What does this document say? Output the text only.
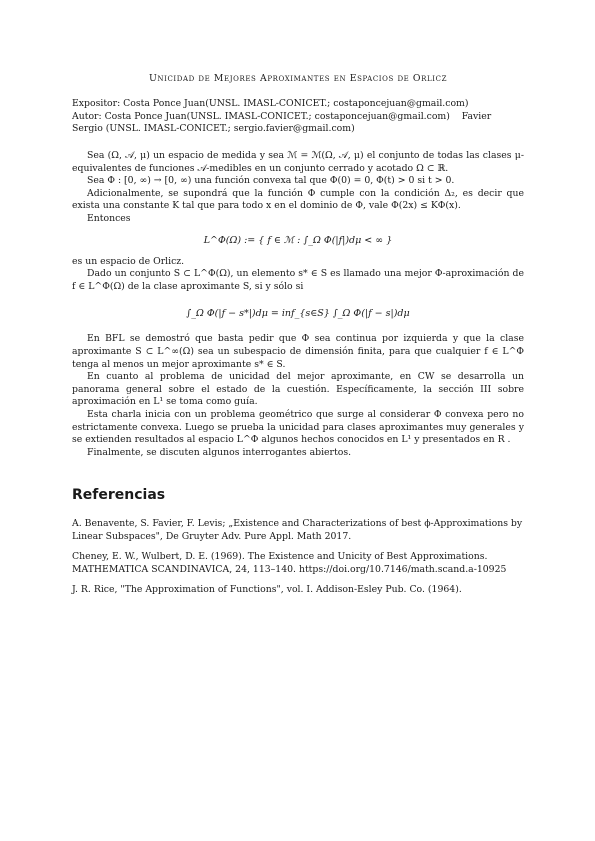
Unicidad de Mejores Aproximantes en Espacios de Orlicz
Expositor: Costa Ponce Juan(UNSL. IMASL-CONICET.; costaponcejuan@gmail.com)
Autor: Costa Ponce Juan(UNSL. IMASL-CONICET.; costaponcejuan@gmail.com)    Favier
Sergio (UNSL. IMASL-CONICET.; sergio.favier@gmail.com)

Sea (Ω, 𝒜, μ) un espacio de medida y sea ℳ = ℳ(Ω, 𝒜, μ) el conjunto de todas las clases μ-equivalentes de funciones 𝒜-medibles en un conjunto cerrado y acotado Ω ⊂ ℝ.

Sea Φ : [0, ∞) → [0, ∞) una función convexa tal que Φ(0) = 0, Φ(t) > 0 si t > 0.

Adicionalmente, se supondrá que la función Φ cumple con la condición Δ₂, es decir que exista una constante K tal que para todo x en el dominio de Φ, vale Φ(2x) ≤ KΦ(x).

Entonces

L^Φ(Ω) := { f ∈ ℳ : ∫_Ω Φ(|f|)dμ < ∞ }

es un espacio de Orlicz.

Dado un conjunto S ⊂ L^Φ(Ω), un elemento s* ∈ S es llamado una mejor Φ-aproximación de f ∈ L^Φ(Ω) de la clase aproximante S, si y sólo si

∫_Ω Φ(|f − s*|)dμ = inf_{s∈S} ∫_Ω Φ(|f − s|)dμ

En BFL se demostró que basta pedir que Φ sea continua por izquierda y que la clase aproximante S ⊂ L^∞(Ω) sea un subespacio de dimensión finita, para que cualquier f ∈ L^Φ tenga al menos un mejor aproximante s* ∈ S.

En cuanto al problema de unicidad del mejor aproximante, en CW se desarrolla un panorama general sobre el estado de la cuestión. Específicamente, la sección III sobre aproximación en L¹ se toma como guía.

Esta charla inicia con un problema geométrico que surge al considerar Φ convexa pero no estrictamente convexa. Luego se prueba la unicidad para clases aproximantes muy generales y se extienden resultados al espacio L^Φ algunos hechos conocidos en L¹ y presentados en R .

Finalmente, se discuten algunos interrogantes abiertos.

Referencias

A. Benavente, S. Favier, F. Levis; „Existence and Characterizations of best ϕ-Approximations by Linear Subspaces", De Gruyter Adv. Pure Appl. Math 2017.

Cheney, E. W., Wulbert, D. E. (1969). The Existence and Unicity of Best Approximations. MATHEMATICA SCANDINAVICA, 24, 113–140. https://doi.org/10.7146/math.scand.a-10925

J. R. Rice, "The Approximation of Functions", vol. I. Addison-Esley Pub. Co. (1964).
